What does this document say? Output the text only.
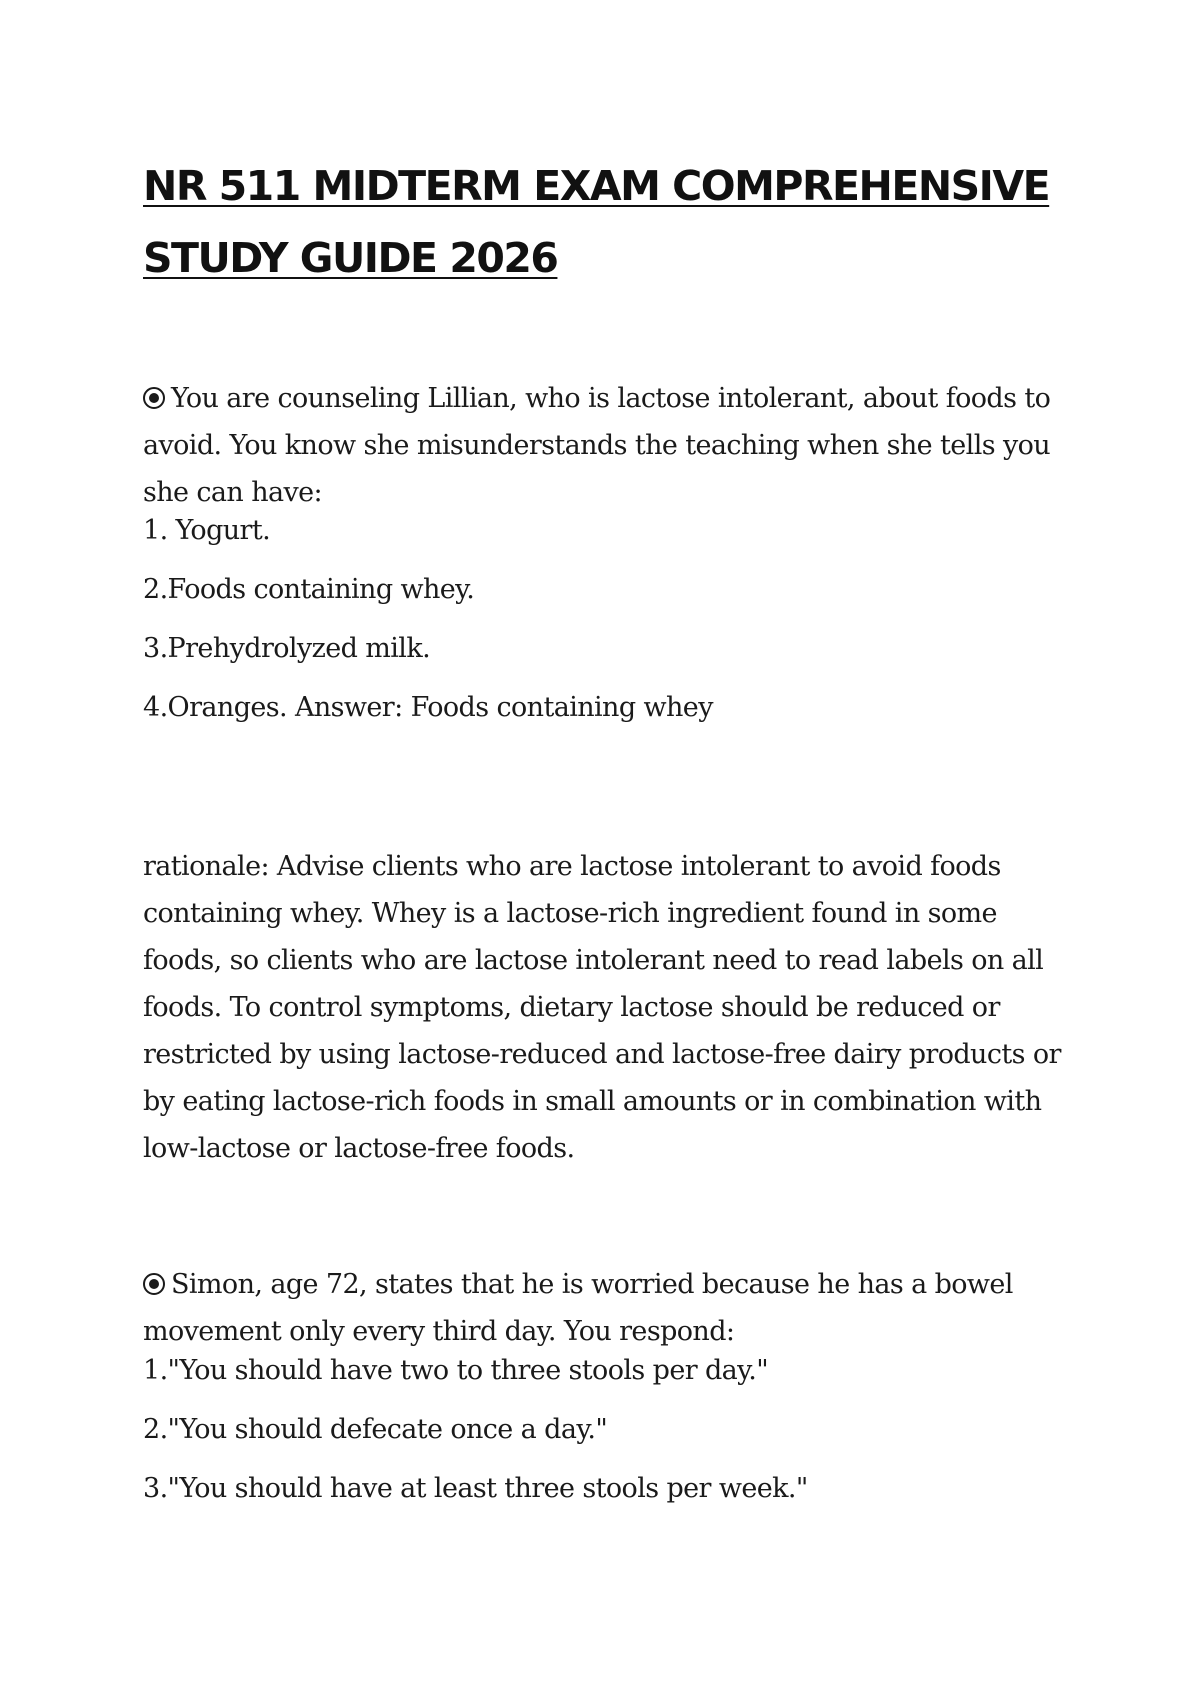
NR 511 MIDTERM EXAM COMPREHENSIVE
STUDY GUIDE 2026

You are counseling Lillian, who is lactose intolerant, about foods to avoid. You know she misunderstands the teaching when she tells you she can have:

1. Yogurt.
2.Foods containing whey.
3.Prehydrolyzed milk.
4.Oranges. Answer: Foods containing whey

rationale: Advise clients who are lactose intolerant to avoid foods containing whey. Whey is a lactose-rich ingredient found in some foods, so clients who are lactose intolerant need to read labels on all foods. To control symptoms, dietary lactose should be reduced or restricted by using lactose-reduced and lactose-free dairy products or by eating lactose-rich foods in small amounts or in combination with low-lactose or lactose-free foods.

Simon, age 72, states that he is worried because he has a bowel movement only every third day. You respond:

1."You should have two to three stools per day."
2."You should defecate once a day."
3."You should have at least three stools per week."
